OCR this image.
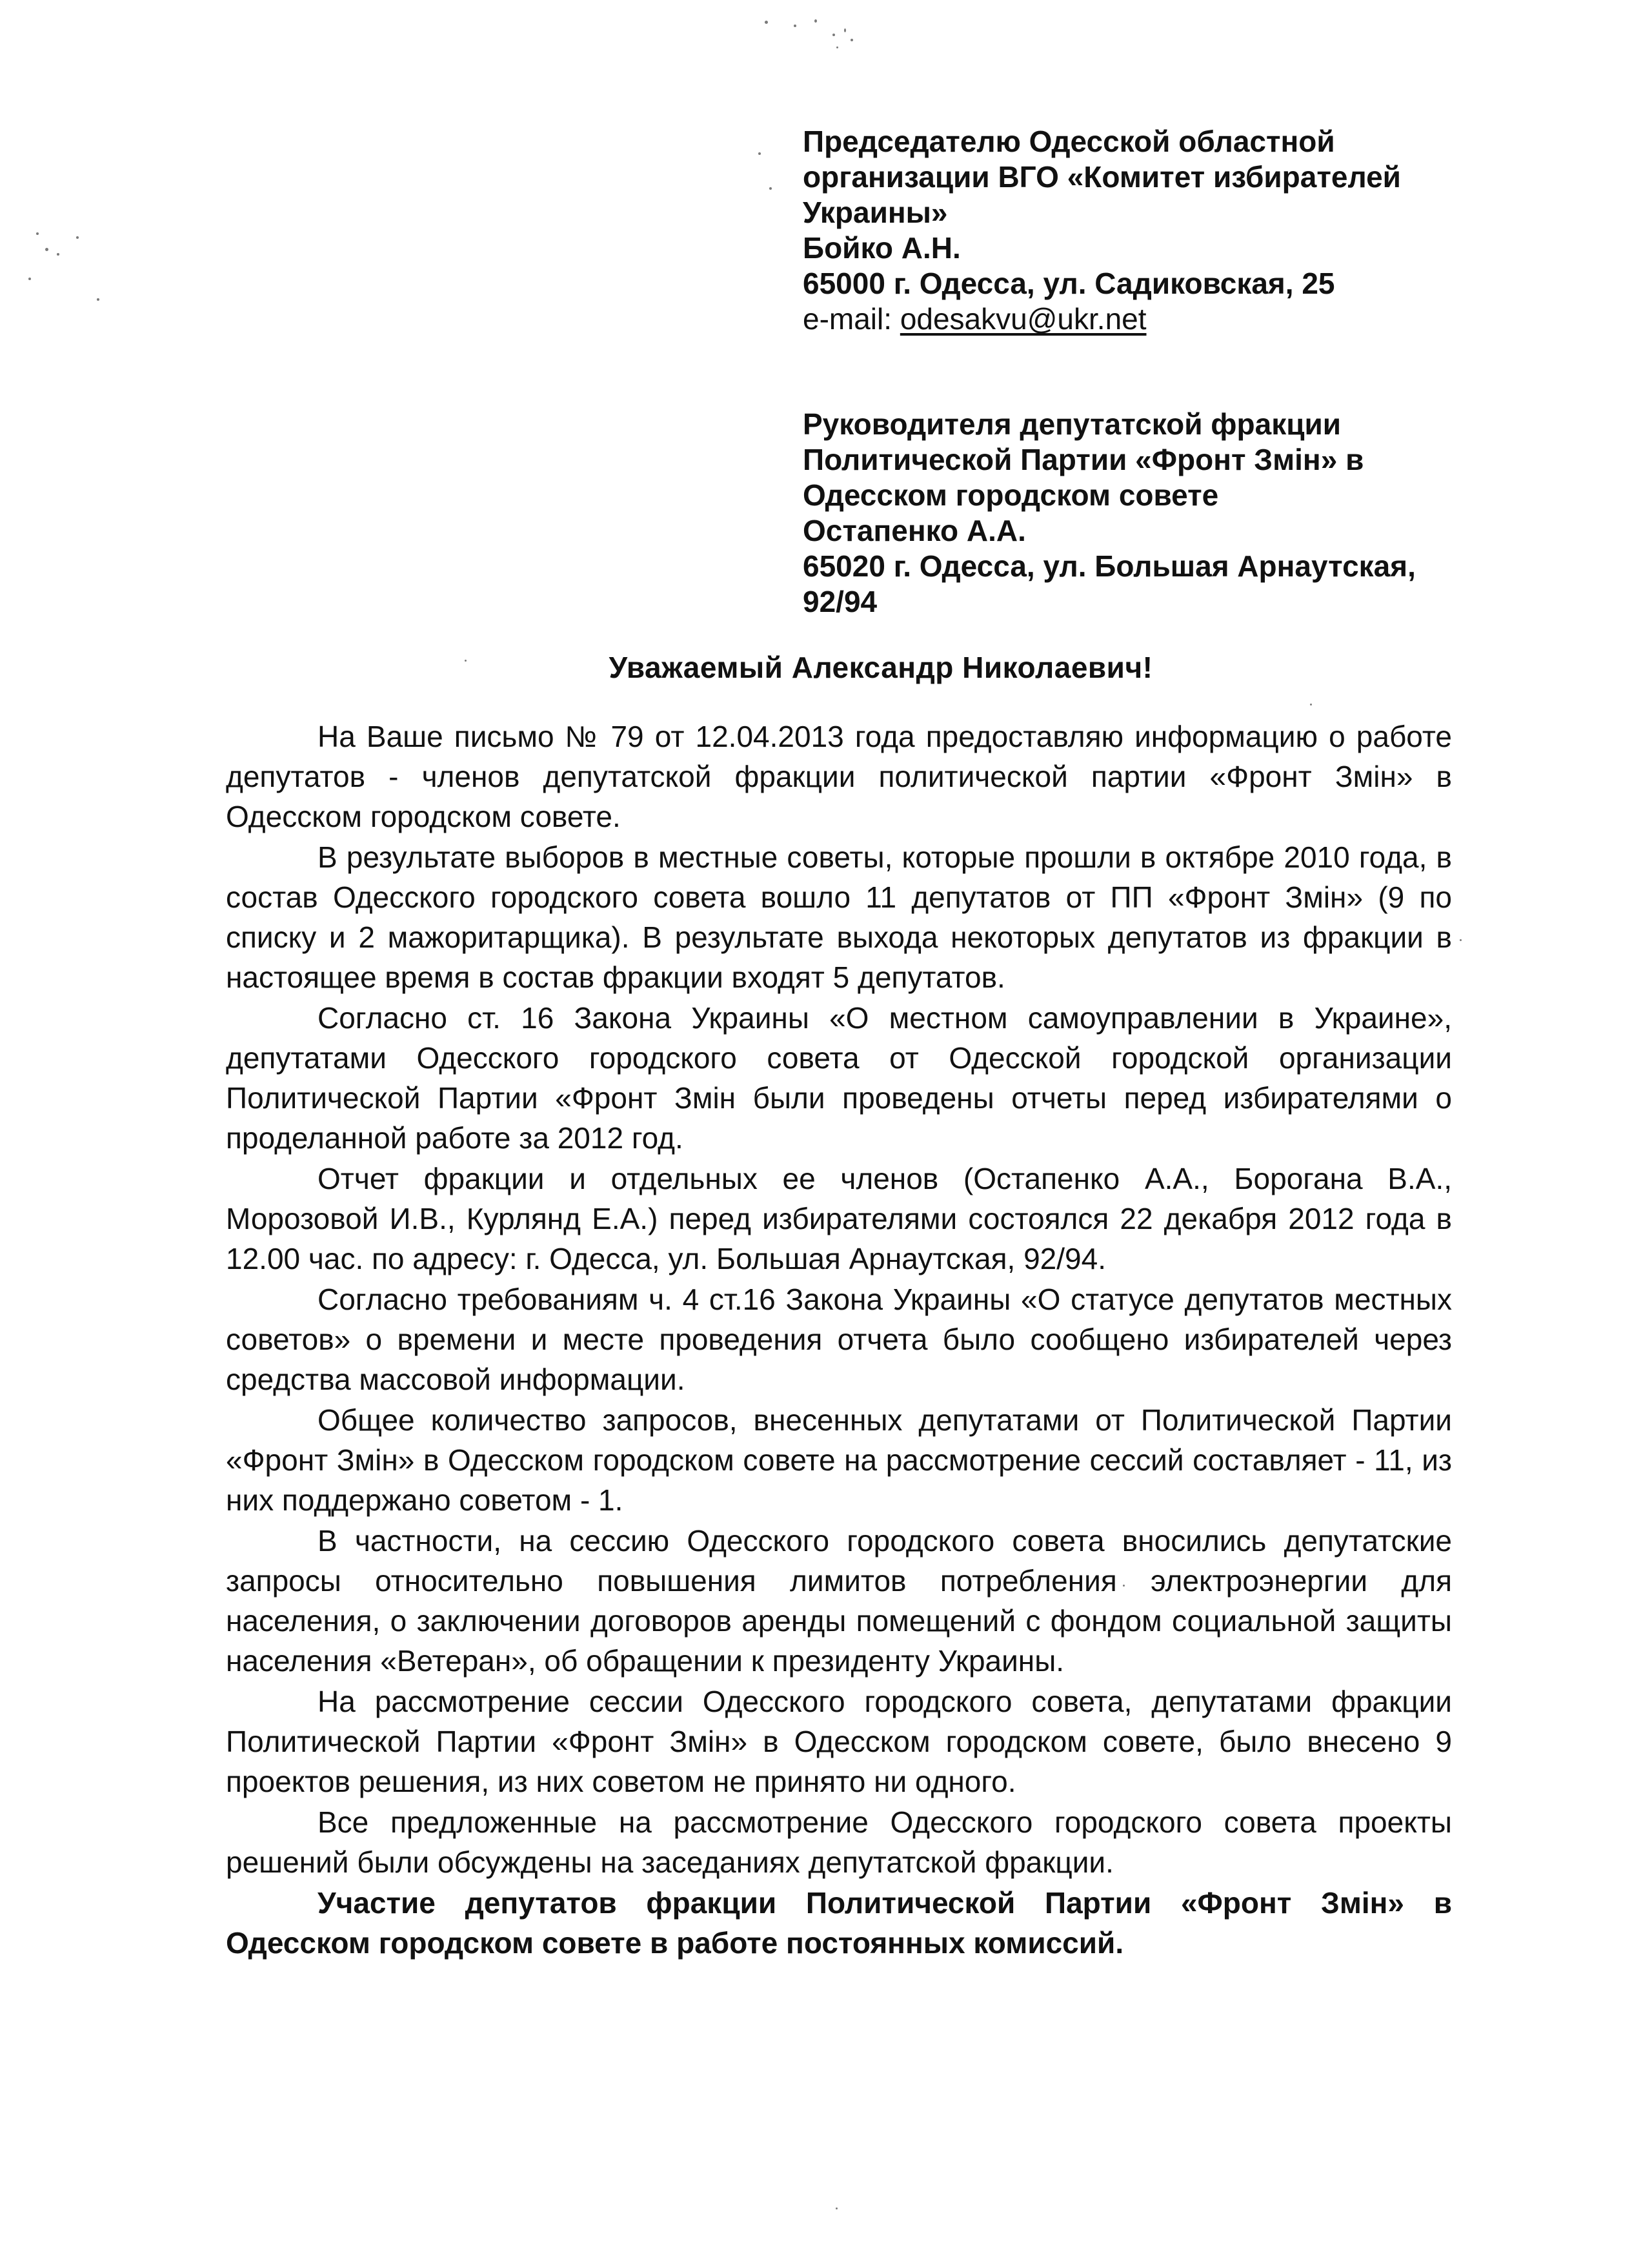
Председателю Одесской областной
организации ВГО «Комитет избирателей
Украины»
Бойко А.Н.
65000 г. Одесса, ул. Садиковская, 25
e-mail: odesakvu@ukr.net
Руководителя депутатской фракции
Политической Партии «Фронт Змін» в
Одесском городском совете
Остапенко А.А.
65020 г. Одесса, ул. Большая Арнаутская,
92/94
Уважаемый Александр Николаевич!

На Ваше письмо № 79 от 12.04.2013 года предоставляю информацию о работе депутатов - членов депутатской фракции политической партии «Фронт Змін» в Одесском городском совете.

В результате выборов в местные советы, которые прошли в октябре 2010 года, в состав Одесского городского совета вошло 11 депутатов от ПП «Фронт Змін» (9 по списку и 2 мажоритарщика). В результате выхода некоторых депутатов из фракции в настоящее время в состав фракции входят 5 депутатов.

Согласно ст. 16 Закона Украины «О местном самоуправлении в Украине», депутатами Одесского городского совета от Одесской городской организации Политической Партии «Фронт Змін были проведены отчеты перед избирателями о проделанной работе за 2012 год.

Отчет фракции и отдельных ее членов (Остапенко А.А., Борогана В.А., Морозовой И.В., Курлянд Е.А.) перед избирателями состоялся 22 декабря 2012 года в 12.00 час. по адресу: г. Одесса, ул. Большая Арнаутская, 92/94.

Согласно требованиям ч. 4 ст.16 Закона Украины «О статусе депутатов местных советов» о времени и месте проведения отчета было сообщено избирателей через средства массовой информации.

Общее количество запросов, внесенных депутатами от Политической Партии «Фронт Змін» в Одесском городском совете на рассмотрение сессий составляет - 11, из них поддержано советом - 1.

В частности, на сессию Одесского городского совета вносились депутатские запросы относительно повышения лимитов потребления электроэнергии для населения, о заключении договоров аренды помещений с фондом социальной защиты населения «Ветеран», об обращении к президенту Украины.

На рассмотрение сессии Одесского городского совета, депутатами фракции Политической Партии «Фронт Змін» в Одесском городском совете, было внесено 9 проектов решения, из них советом не принято ни одного.

Все предложенные на рассмотрение Одесского городского совета проекты решений были обсуждены на заседаниях депутатской фракции.

Участие депутатов фракции Политической Партии «Фронт Змін» в Одесском городском совете в работе постоянных комиссий.
